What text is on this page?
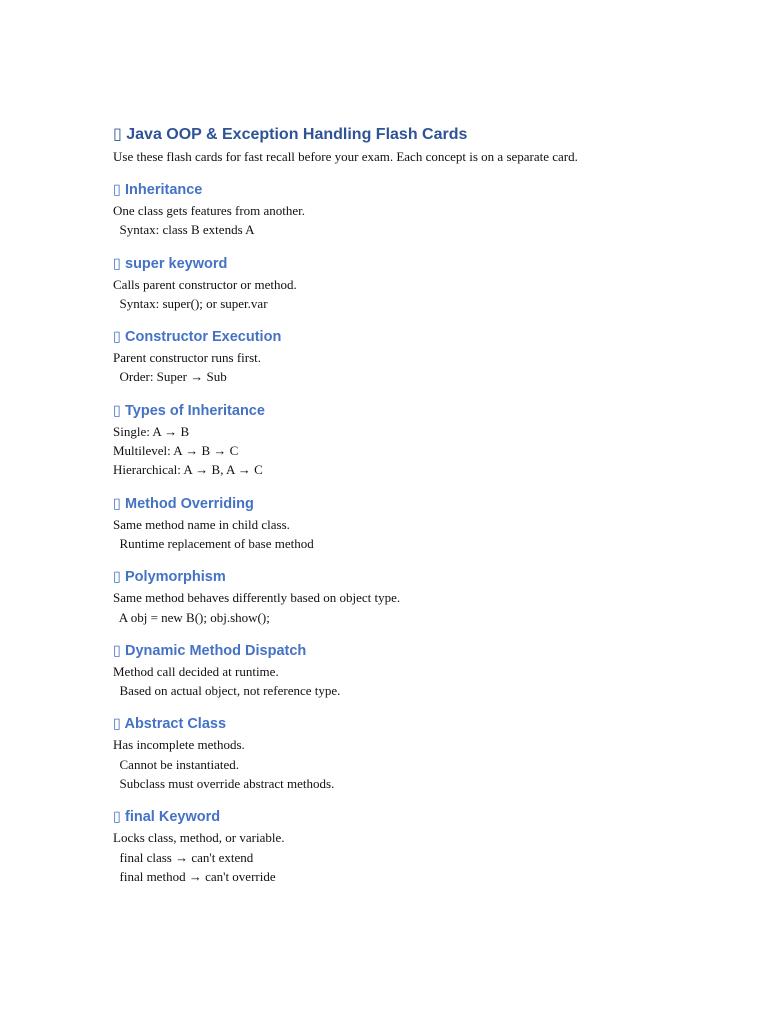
▯ Java OOP & Exception Handling Flash Cards

Use these flash cards for fast recall before your exam. Each concept is on a separate card.

▯ Inheritance
One class gets features from another.
Syntax: class B extends A
▯ super keyword
Calls parent constructor or method.
Syntax: super(); or super.var
▯ Constructor Execution
Parent constructor runs first.
Order: Super → Sub
▯ Types of Inheritance
Single: A → B
Multilevel: A → B → C
Hierarchical: A → B, A → C
▯ Method Overriding
Same method name in child class.
Runtime replacement of base method
▯ Polymorphism
Same method behaves differently based on object type.
A obj = new B(); obj.show();
▯ Dynamic Method Dispatch
Method call decided at runtime.
Based on actual object, not reference type.
▯ Abstract Class
Has incomplete methods.
Cannot be instantiated.
Subclass must override abstract methods.
▯ final Keyword
Locks class, method, or variable.
final class → can't extend
final method → can't override
